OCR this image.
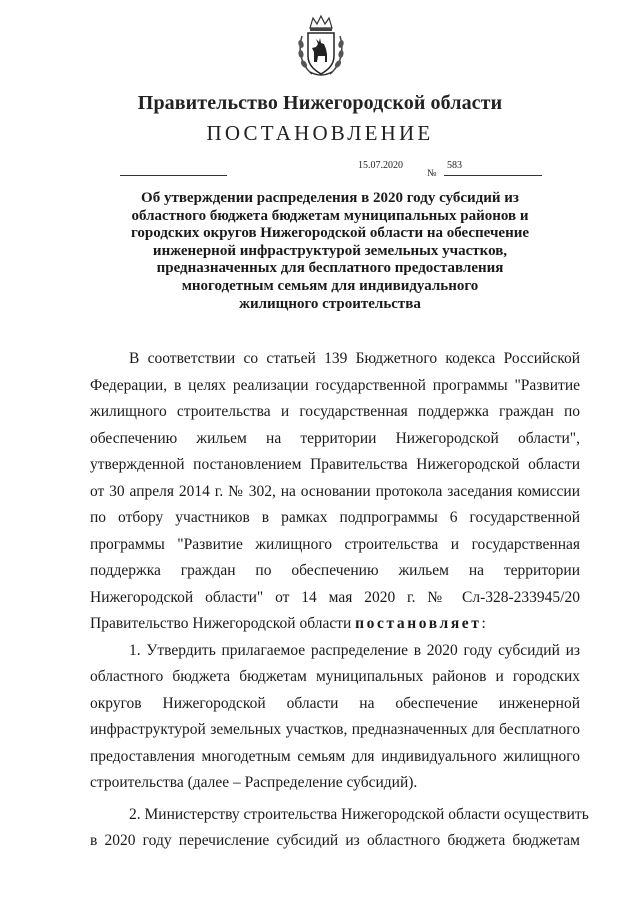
Правительство Нижегородской области
ПОСТАНОВЛЕНИЕ
15.07.2020
№
583
Об утверждении распределения в 2020 году субсидий из
областного бюджета бюджетам муниципальных районов и
городских округов Нижегородской области на обеспечение
инженерной инфраструктурой земельных участков,
предназначенных для бесплатного предоставления
многодетным семьям для индивидуального
жилищного строительства
В соответствии со статьей 139 Бюджетного кодекса Российской
Федерации, в целях реализации государственной программы "Развитие
жилищного строительства и государственная поддержка граждан по
обеспечению жильем на территории Нижегородской области",
утвержденной постановлением Правительства Нижегородской области
от 30 апреля 2014 г. № 302, на основании протокола заседания комиссии
по отбору участников в рамках подпрограммы 6 государственной
программы "Развитие жилищного строительства и государственная
поддержка граждан по обеспечению жильем на территории
Нижегородской области" от 14 мая 2020 г. № Сл-328-233945/20
Правительство Нижегородской области постановляет:
1. Утвердить прилагаемое распределение в 2020 году субсидий из
областного бюджета бюджетам муниципальных районов и городских
округов Нижегородской области на обеспечение инженерной
инфраструктурой земельных участков, предназначенных для бесплатного
предоставления многодетным семьям для индивидуального жилищного
строительства (далее – Распределение субсидий).
2. Министерству строительства Нижегородской области осуществить
в 2020 году перечисление субсидий из областного бюджета бюджетам
